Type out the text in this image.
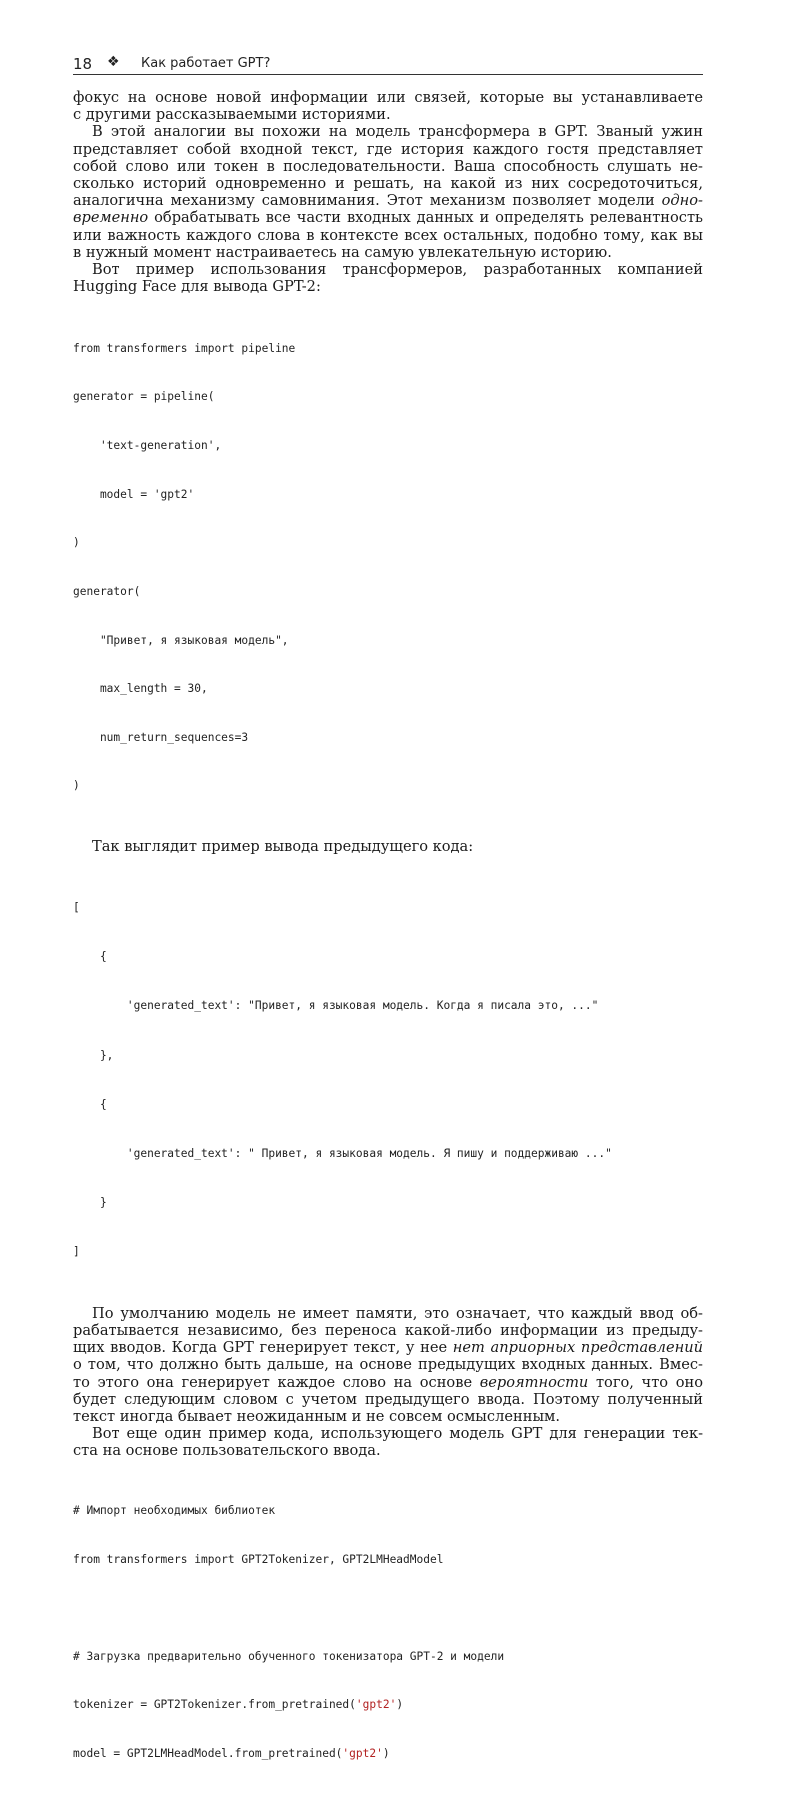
18 ❖ Как работает GPT?
фокус на основе новой информации или связей, которые вы устанавливаете
с другими рассказываемыми историями.
В этой аналогии вы похожи на модель трансформера в GPT. Званый ужин
представляет собой входной текст, где история каждого гостя представляет
собой слово или токен в последовательности. Ваша способность слушать не-
сколько историй одновременно и решать, на какой из них сосредоточиться,
аналогична механизму самовнимания. Этот механизм позволяет модели одно-
временно обрабатывать все части входных данных и определять релевантность
или важность каждого слова в контексте всех остальных, подобно тому, как вы
в нужный момент настраиваетесь на самую увлекательную историю.
Вот пример использования трансформеров, разработанных компанией
Hugging Face для вывода GPT-2:

from transformers import pipeline

generator = pipeline(

'text-generation',

model = 'gpt2'

)

generator(

"Привет, я языковая модель",

max_length = 30,

num_return_sequences=3

)

Так выглядит пример вывода предыдущего кода:

[

{

'generated_text': "Привет, я языковая модель. Когда я писала это, ..."

},

{

'generated_text': " Привет, я языковая модель. Я пишу и поддерживаю ..."

}

]

По умолчанию модель не имеет памяти, это означает, что каждый ввод об-
рабатывается независимо, без переноса какой-либо информации из предыду-
щих вводов. Когда GPT генерирует текст, у нее нет априорных представлений
о том, что должно быть дальше, на основе предыдущих входных данных. Вмес-
то этого она генерирует каждое слово на основе вероятности того, что оно
будет следующим словом с учетом предыдущего ввода. Поэтому полученный
текст иногда бывает неожиданным и не совсем осмысленным.
Вот еще один пример кода, использующего модель GPT для генерации тек-
ста на основе пользовательского ввода.

# Импорт необходимых библиотек

from transformers import GPT2Tokenizer, GPT2LMHeadModel

# Загрузка предварительно обученного токенизатора GPT-2 и модели

tokenizer = GPT2Tokenizer.from_pretrained('gpt2')

model = GPT2LMHeadModel.from_pretrained('gpt2')
